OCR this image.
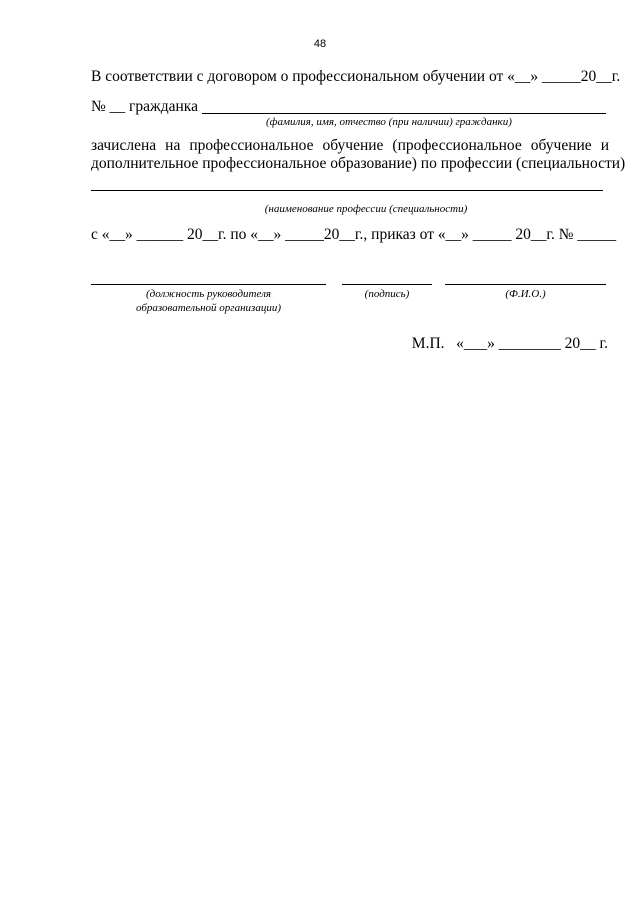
48
В соответствии с договором о профессиональном обучении от «__» _____20__г.
№ __ гражданка
(фамилия, имя, отчество (при наличии) гражданки)
зачислена на профессиональное обучение (профессиональное обучение и
дополнительное профессиональное образование) по профессии (специальности)
(наименование профессии (специальности)
с «__» ______ 20__г. по «__» _____20__г., приказ от «__» _____ 20__г. № _____
(должность руководителя
образовательной организации)
(подпись)	(Ф.И.О.)
М.П.   «___» ________ 20__ г.
